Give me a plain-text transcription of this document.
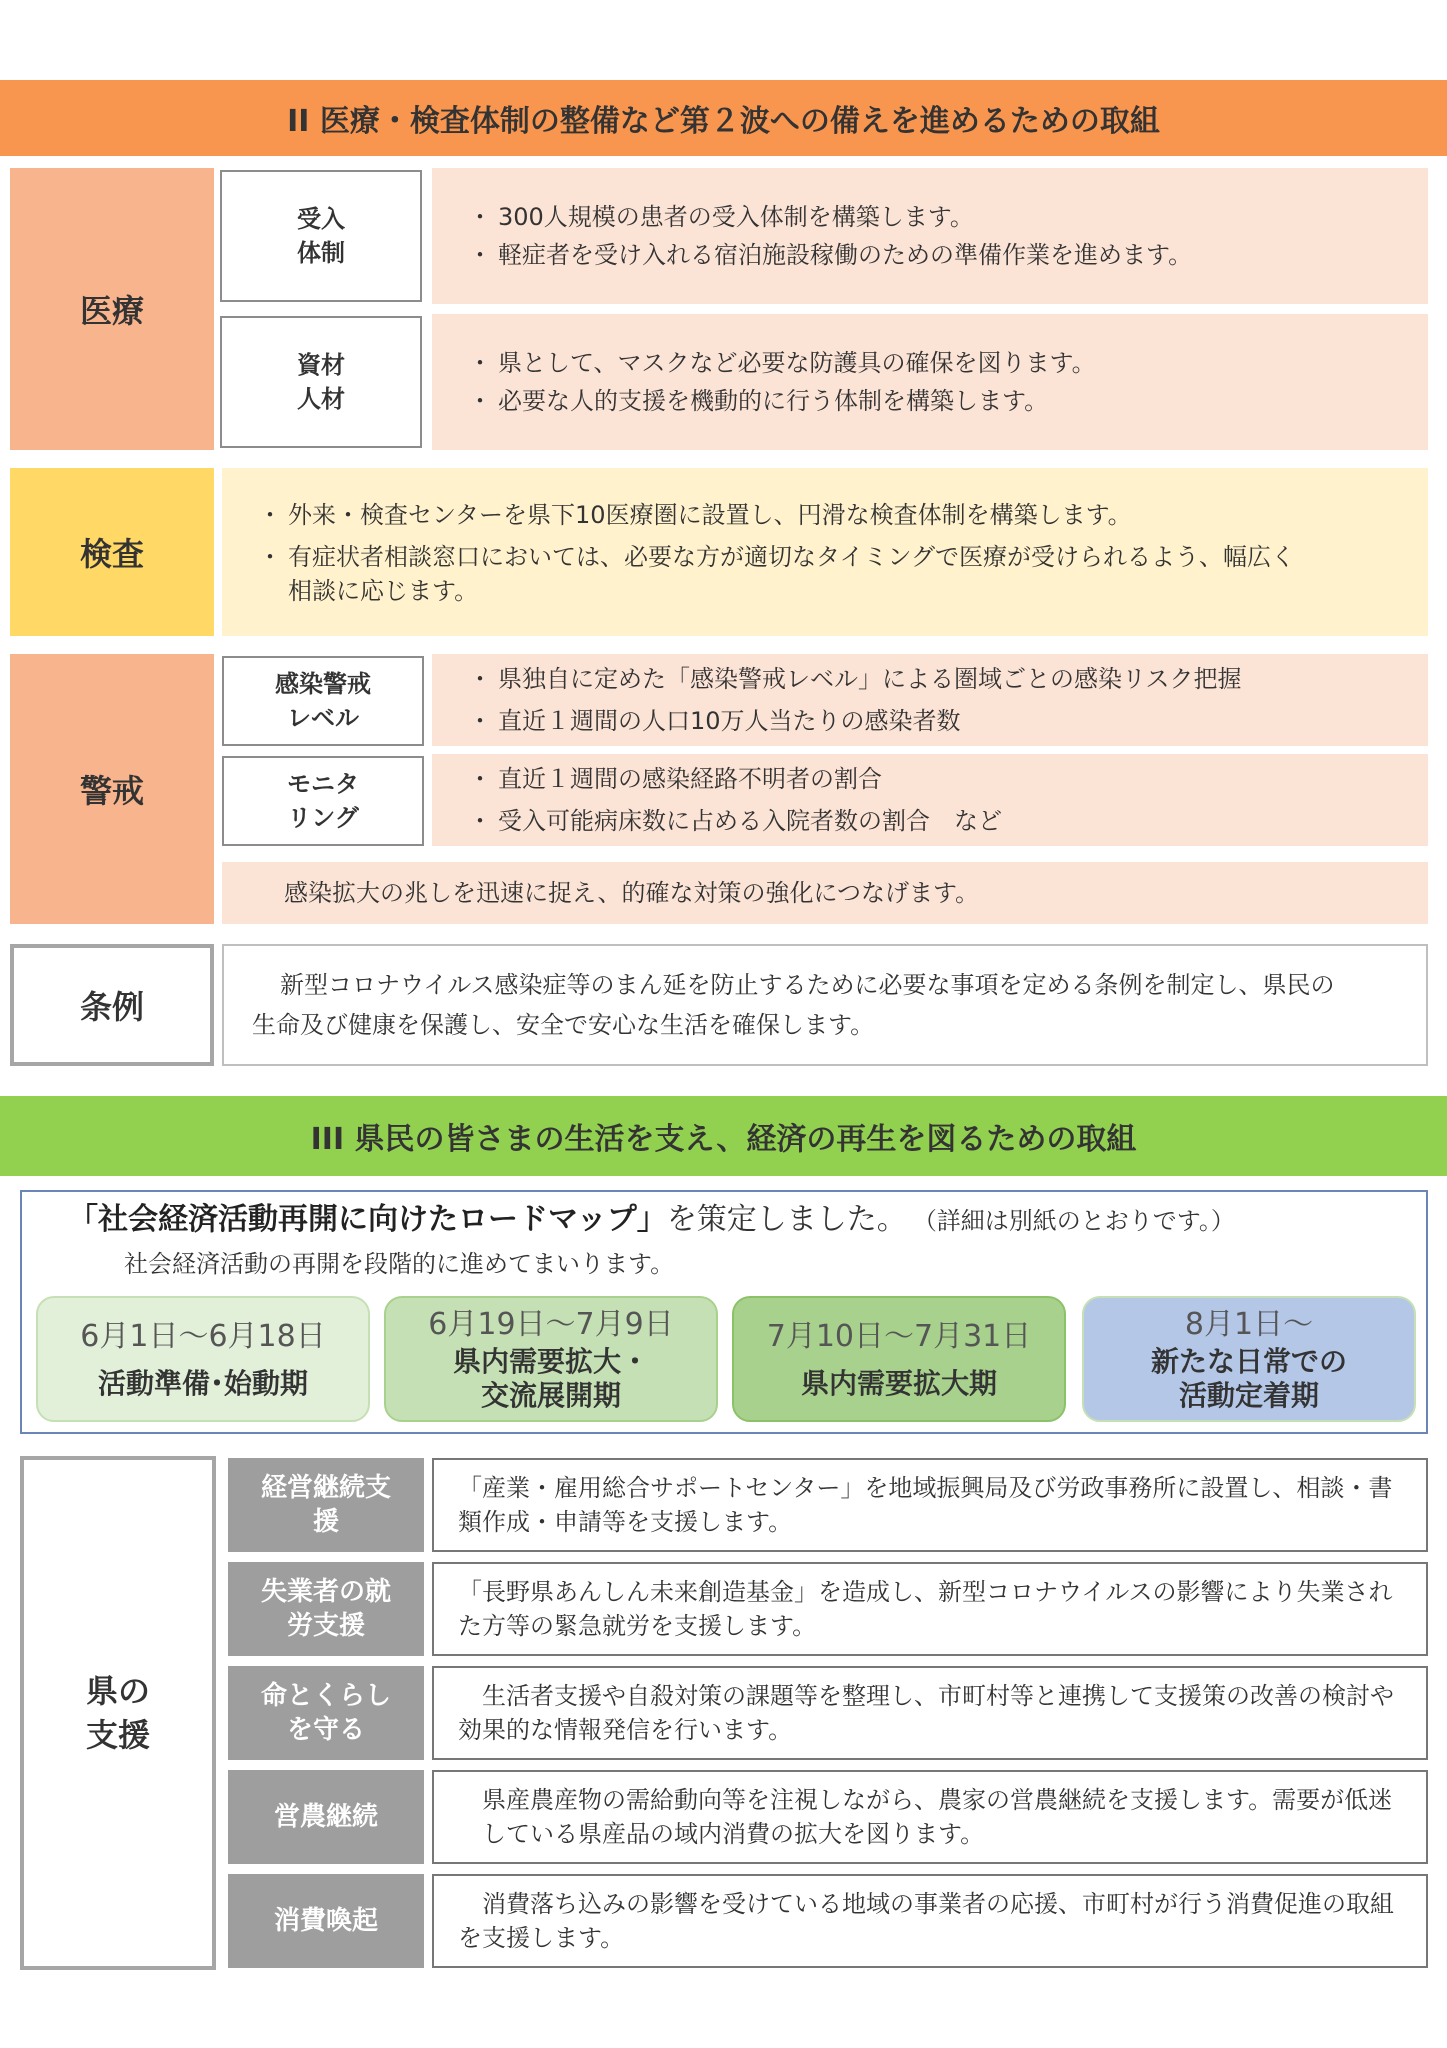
II 医療・検査体制の整備など第２波への備えを進めるための取組
医療
受入
体制
・ 300人規模の患者の受入体制を構築します。
・ 軽症者を受け入れる宿泊施設稼働のための準備作業を進めます。
資材
人材
・ 県として、マスクなど必要な防護具の確保を図ります。
・ 必要な人的支援を機動的に行う体制を構築します。
検査
・ 外来・検査センターを県下10医療圏に設置し、円滑な検査体制を構築します。
・ 有症状者相談窓口においては、必要な方が適切なタイミングで医療が受けられるよう、幅広く相談に応じます。
警戒
感染警戒
レベル
・ 県独自に定めた「感染警戒レベル」による圏域ごとの感染リスク把握
・ 直近１週間の人口10万人当たりの感染者数
モニタ
リング
・ 直近１週間の感染経路不明者の割合
・ 受入可能病床数に占める入院者数の割合　など
感染拡大の兆しを迅速に捉え、的確な対策の強化につなげます。
条例
新型コロナウイルス感染症等のまん延を防止するために必要な事項を定める条例を制定し、県民の生命及び健康を保護し、安全で安心な生活を確保します。
III 県民の皆さまの生活を支え、経済の再生を図るための取組
「社会経済活動再開に向けたロードマップ」を策定しました。 （詳細は別紙のとおりです。）
社会経済活動の再開を段階的に進めてまいります。
6月1日～6月18日
活動準備･始動期
6月19日～7月9日
県内需要拡大・交流展開期
7月10日～7月31日
県内需要拡大期
8月1日～
新たな日常での活動定着期
県の支援
経営継続支援
「産業・雇用総合サポートセンター」を地域振興局及び労政事務所に設置し、相談・書類作成・申請等を支援します。
失業者の就労支援
「長野県あんしん未来創造基金」を造成し、新型コロナウイルスの影響により失業された方等の緊急就労を支援します。
命とくらしを守る
生活者支援や自殺対策の課題等を整理し、市町村等と連携して支援策の改善の検討や効果的な情報発信を行います。
営農継続
県産農産物の需給動向等を注視しながら、農家の営農継続を支援します。需要が低迷している県産品の域内消費の拡大を図ります。
消費喚起
消費落ち込みの影響を受けている地域の事業者の応援、市町村が行う消費促進の取組を支援します。
